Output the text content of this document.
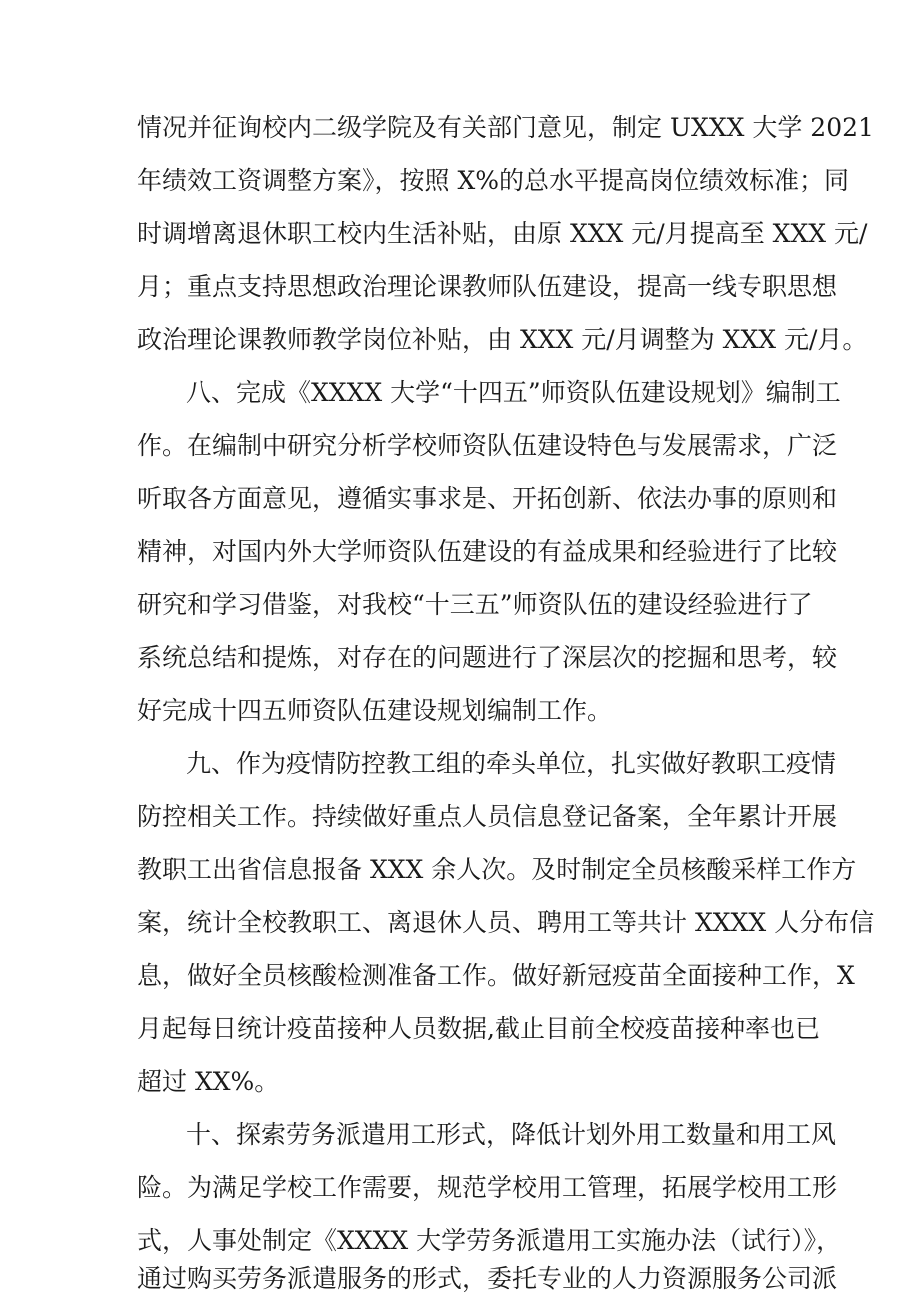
情况并征询校内二级学院及有关部门意见，制定 UXXX 大学 2021

年绩效工资调整方案》，按照 X%的总水平提高岗位绩效标准；同

时调增离退休职工校内生活补贴，由原 XXX 元/月提高至 XXX 元/

月；重点支持思想政治理论课教师队伍建设，提高一线专职思想

政治理论课教师教学岗位补贴，由 XXX 元/月调整为 XXX 元/月。

八、完成《XXXX 大学“十四五”师资队伍建设规划》编制工

作。在编制中研究分析学校师资队伍建设特色与发展需求，广泛

听取各方面意见，遵循实事求是、开拓创新、依法办事的原则和

精神，对国内外大学师资队伍建设的有益成果和经验进行了比较

研究和学习借鉴，对我校“十三五”师资队伍的建设经验进行了

系统总结和提炼，对存在的问题进行了深层次的挖掘和思考，较

好完成十四五师资队伍建设规划编制工作。

九、作为疫情防控教工组的牵头单位，扎实做好教职工疫情

防控相关工作。持续做好重点人员信息登记备案，全年累计开展

教职工出省信息报备 XXX 余人次。及时制定全员核酸采样工作方

案，统计全校教职工、离退休人员、聘用工等共计 XXXX 人分布信

息，做好全员核酸检测准备工作。做好新冠疫苗全面接种工作，X

月起每日统计疫苗接种人员数据,截止目前全校疫苗接种率也已

超过 XX%。

十、探索劳务派遣用工形式，降低计划外用工数量和用工风

险。为满足学校工作需要，规范学校用工管理，拓展学校用工形

式，人事处制定《XXXX 大学劳务派遣用工实施办法（试行）》，

通过购买劳务派遣服务的形式，委托专业的人力资源服务公司派
